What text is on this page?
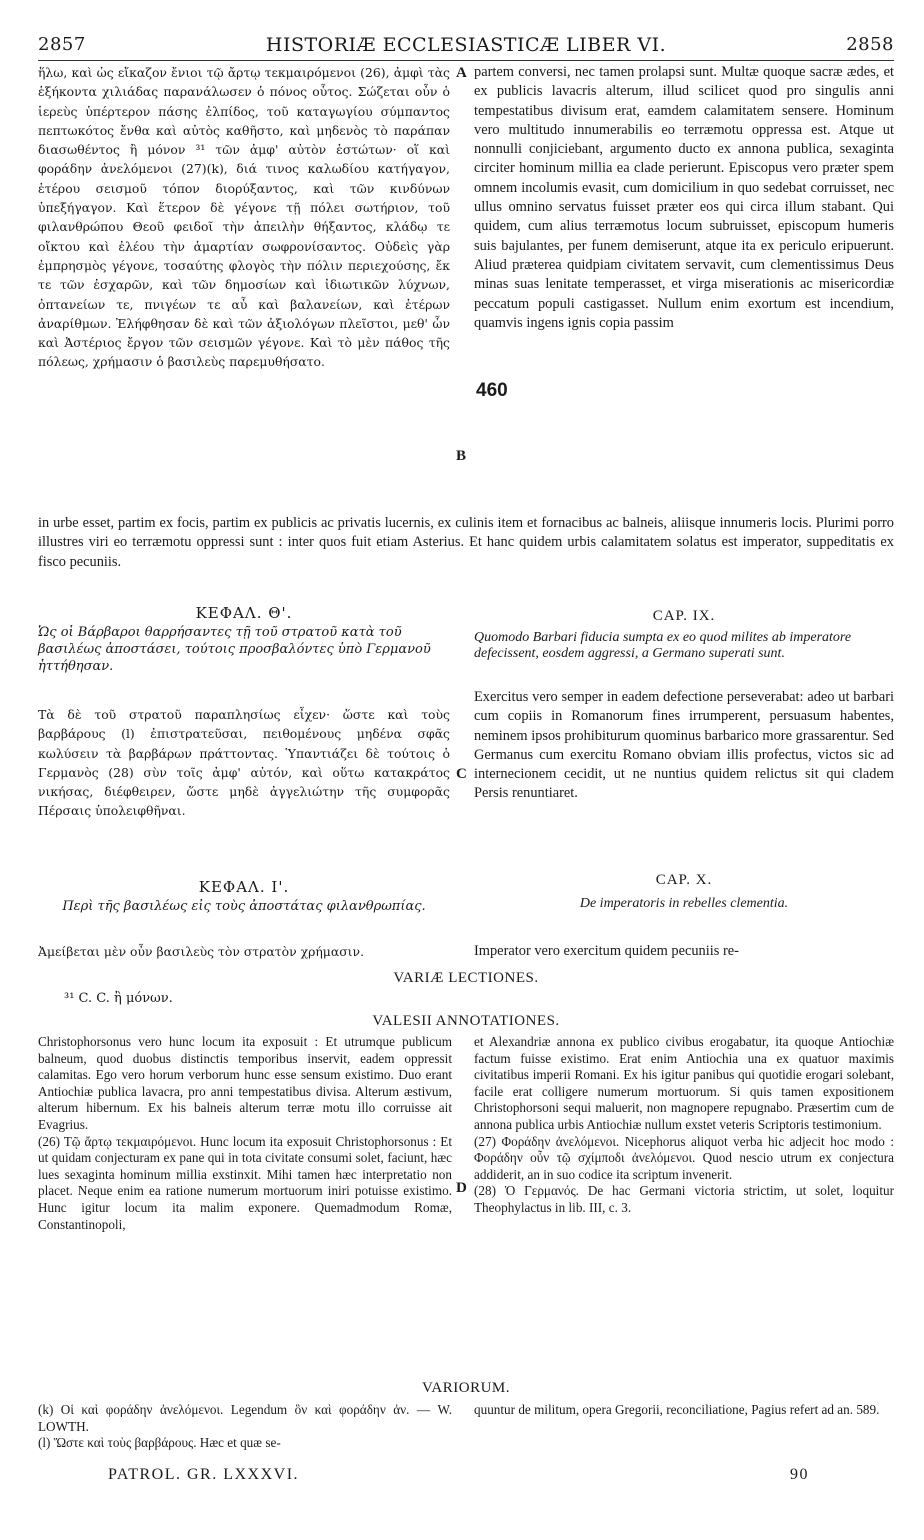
2857	HISTORIÆ ECCLESIASTICÆ LIBER VI.	2858

ἥλω, καὶ ὡς εἴκαζον ἔνιοι τῷ ἄρτῳ τεκμαιρόμενοι (26), ἀμφὶ τὰς ἑξήκοντα χιλιάδας παρανάλωσεν ὁ πόνος οὗτος. Σώζεται οὖν ὁ ἱερεὺς ὑπέρτερον πάσης ἐλπίδος, τοῦ καταγωγίου σύμπαντος πεπτωκότος ἔνθα καὶ αὐτὸς καθῆστο, καὶ μηδενὸς τὸ παράπαν διασωθέντος ἢ μόνον ³¹ τῶν ἀμφ' αὐτὸν ἑστώτων· οἵ καὶ φοράδην ἀνελόμενοι (27)(k), διά τινος καλωδίου κατήγαγον, ἑτέρου σεισμοῦ τόπον διορύξαντος, καὶ τῶν κινδύνων ὑπεξήγαγον. Καὶ ἕτερον δὲ γέγονε τῇ πόλει σωτήριον, τοῦ φιλανθρώπου Θεοῦ φειδοῖ τὴν ἀπειλὴν θήξαντος, κλάδῳ τε οἴκτου καὶ ἐλέου τὴν ἁμαρτίαν σωφρονίσαντος. Οὐδεὶς γὰρ ἐμπρησμὸς γέγονε, τοσαύτης φλογὸς τὴν πόλιν περιεχούσης, ἔκ τε τῶν ἐσχαρῶν, καὶ τῶν δημοσίων καὶ ἰδιωτικῶν λύχνων, ὀπτανείων τε, πνιγέων τε αὖ καὶ βαλανείων, καὶ ἑτέρων ἀναρίθμων. Ἐλήφθησαν δὲ καὶ τῶν ἀξιολόγων πλεῖστοι, μεθ' ὧν καὶ Ἀστέριος ἔργον τῶν σεισμῶν γέγονε. Καὶ τὸ μὲν πάθος τῆς πόλεως, χρήμασιν ὁ βασιλεὺς παρεμυθήσατο.

A
B

partem conversi, nec tamen prolapsi sunt. Multæ quoque sacræ ædes, et ex publicis lavacris alterum, illud scilicet quod pro singulis anni tempestatibus divisum erat, eamdem calamitatem sensere. Hominum vero multitudo innumerabilis eo terræmotu oppressa est. Atque ut nonnulli conjiciebant, argumento ducto ex annona publica, sexaginta circiter hominum millia ea clade perierunt. Episcopus vero præter spem omnem incolumis evasit, cum domicilium in quo sedebat corruisset, nec ullus omnino servatus fuisset præter eos qui circa illum stabant. Qui quidem, cum alius terræmotus locum subruisset, episcopum humeris suis bajulantes, per funem demiserunt, atque ita ex periculo eripuerunt. Aliud præterea quidpiam civitatem servavit, cum clementissimus Deus minas suas lenitate temperasset, et virga miserationis ac misericordiæ peccatum populi castigasset. Nullum enim exortum est incendium, quamvis ingens ignis copia passim

460

in urbe esset, partim ex focis, partim ex publicis ac privatis lucernis, ex culinis item et fornacibus ac balneis, aliisque innumeris locis. Plurimi porro illustres viri eo terræmotu oppressi sunt : inter quos fuit etiam Asterius. Et hanc quidem urbis calamitatem solatus est imperator, suppeditatis ex fisco pecuniis.

ΚΕΦΑΛ. Θ'.
Ὡς οἱ Βάρβαροι θαρρήσαντες τῇ τοῦ στρατοῦ κατὰ τοῦ βασιλέως ἀποστάσει, τούτοις προσβαλόντες ὑπὸ Γερμανοῦ ἡττήθησαν.

Τὰ δὲ τοῦ στρατοῦ παραπλησίως εἶχεν· ὥστε καὶ τοὺς βαρβάρους (l) ἐπιστρατεῦσαι, πειθομένους μηδένα σφᾶς κωλύσειν τὰ βαρβάρων πράττοντας. Ὑπαντιάζει δὲ τούτοις ὁ Γερμανὸς (28) σὺν τοῖς ἀμφ' αὐτόν, καὶ οὕτω κατακράτος νικήσας, διέφθειρεν, ὥστε μηδὲ ἀγγελιώτην τῆς συμφορᾶς Πέρσαις ὑπολειφθῆναι.

CAP. IX.
Quomodo Barbari fiducia sumpta ex eo quod milites ab imperatore defecissent, eosdem aggressi, a Germano superati sunt.
C

Exercitus vero semper in eadem defectione perseverabat: adeo ut barbari cum copiis in Romanorum fines irrumperent, persuasum habentes, neminem ipsos prohibiturum quominus barbarico more grassarentur. Sed Germanus cum exercitu Romano obviam illis profectus, victos sic ad internecionem cecidit, ut ne nuntius quidem relictus sit qui cladem Persis renuntiaret.

ΚΕΦΑΛ. Ι'.
Περὶ τῆς βασιλέως εἰς τοὺς ἀποστάτας φιλανθρωπίας.

Ἀμείβεται μὲν οὖν βασιλεὺς τὸν στρατὸν χρήμασιν.

CAP. X.
De imperatoris in rebelles clementia.

Imperator vero exercitum quidem pecuniis re-

VARIÆ LECTIONES.

³¹ C. C. ἢ μόνων.

VALESII ANNOTATIONES.

Christophorsonus vero hunc locum ita exposuit : Et utrumque publicum balneum, quod duobus distinctis temporibus inservit, eadem oppressit calamitas. Ego vero horum verborum hunc esse sensum existimo. Duo erant Antiochiæ publica lavacra, pro anni tempestatibus divisa. Alterum æstivum, alterum hibernum. Ex his balneis alterum terræ motu illo corruisse ait Evagrius.

(26) Τῷ ἄρτῳ τεκμαιρόμενοι. Hunc locum ita exposuit Christophorsonus : Et ut quidam conjecturam ex pane qui in tota civitate consumi solet, faciunt, hæc lues sexaginta hominum millia exstinxit. Mihi tamen hæc interpretatio non placet. Neque enim ea ratione numerum mortuorum iniri potuisse existimo. Hunc igitur locum ita malim exponere. Quemadmodum Romæ, Constantinopoli,

D

et Alexandriæ annona ex publico civibus erogabatur, ita quoque Antiochiæ factum fuisse existimo. Erat enim Antiochia una ex quatuor maximis civitatibus imperii Romani. Ex his igitur panibus qui quotidie erogari solebant, facile erat colligere numerum mortuorum. Si quis tamen expositionem Christophorsoni sequi maluerit, non magnopere repugnabo. Præsertim cum de annona publica urbis Antiochiæ nullum exstet veteris Scriptoris testimonium.

(27) Φοράδην ἀνελόμενοι. Nicephorus aliquot verba hic adjecit hoc modo : Φοράδην οὖν τῷ σχίμποδι ἀνελόμενοι. Quod nescio utrum ex conjectura addiderit, an in suo codice ita scriptum invenerit.

(28) Ὁ Γερμανός. De hac Germani victoria strictim, ut solet, loquitur Theophylactus in lib. III, c. 3.

VARIORUM.

(k) Οἱ καὶ φοράδην ἀνελόμενοι. Legendum ὃν καὶ φοράδην ἀν. — W. LOWTH.

(l) Ὥστε καὶ τοὺς βαρβάρους. Hæc et quæ se-

quuntur de militum, opera Gregorii, reconciliatione, Pagius refert ad an. 589.

PATROL. GR. LXXXVI.	90
